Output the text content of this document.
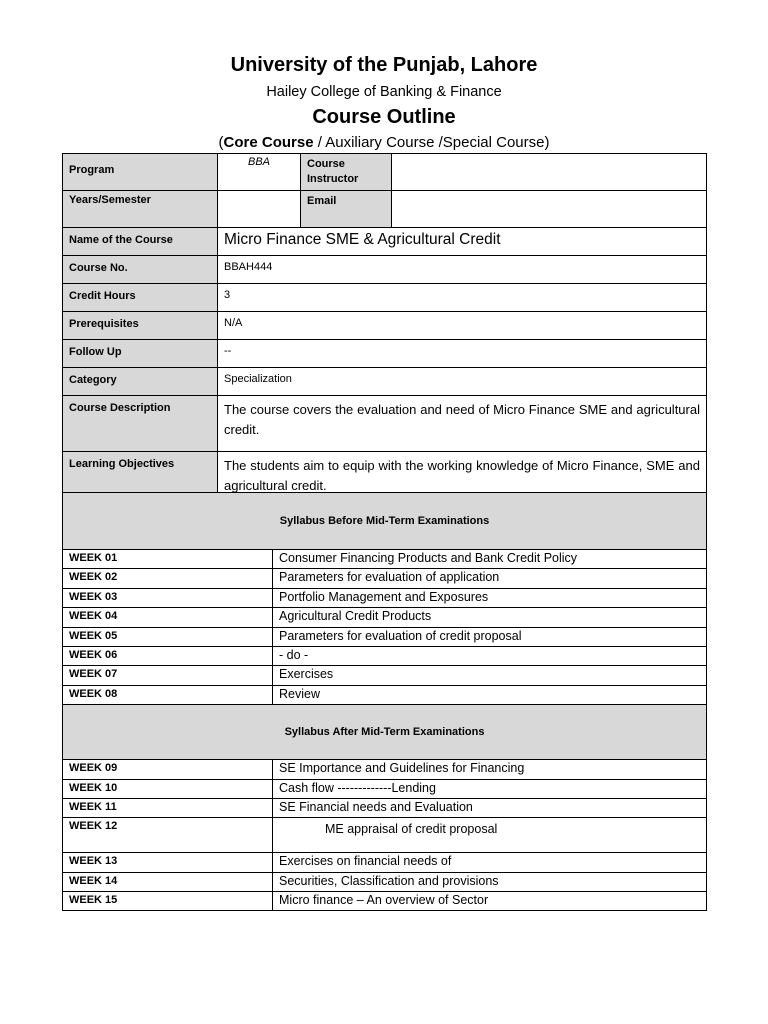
University of the Punjab, Lahore
Hailey College of Banking & Finance
Course Outline
(Core Course / Auxiliary Course /Special Course)
Program	BBA	Course Instructor	
Years/Semester		Email	
Name of the Course	Micro Finance SME & Agricultural Credit		
Course No.	BBAH444		
Credit Hours	3		
Prerequisites	N/A		
Follow Up	--		
Category	Specialization		
Course Description	The course covers the evaluation and need of Micro Finance SME and agricultural credit.		
Learning Objectives	The students aim to equip with the working knowledge of Micro Finance, SME and agricultural credit.		
Syllabus Before Mid-Term Examinations	
WEEK 01	Consumer Financing Products and Bank Credit Policy
WEEK 02	Parameters for evaluation of application
WEEK 03	Portfolio Management and Exposures
WEEK 04	Agricultural Credit Products
WEEK 05	Parameters for evaluation of credit proposal
WEEK 06	- do -
WEEK 07	Exercises
WEEK 08	Review
Syllabus After Mid-Term Examinations	
WEEK 09	SE Importance and Guidelines for Financing
WEEK 10	Cash flow -------------Lending
WEEK 11	SE Financial needs and Evaluation
WEEK 12	ME appraisal of credit proposal
WEEK 13	Exercises on financial needs of
WEEK 14	Securities, Classification and provisions
WEEK 15	Micro finance – An overview of Sector
